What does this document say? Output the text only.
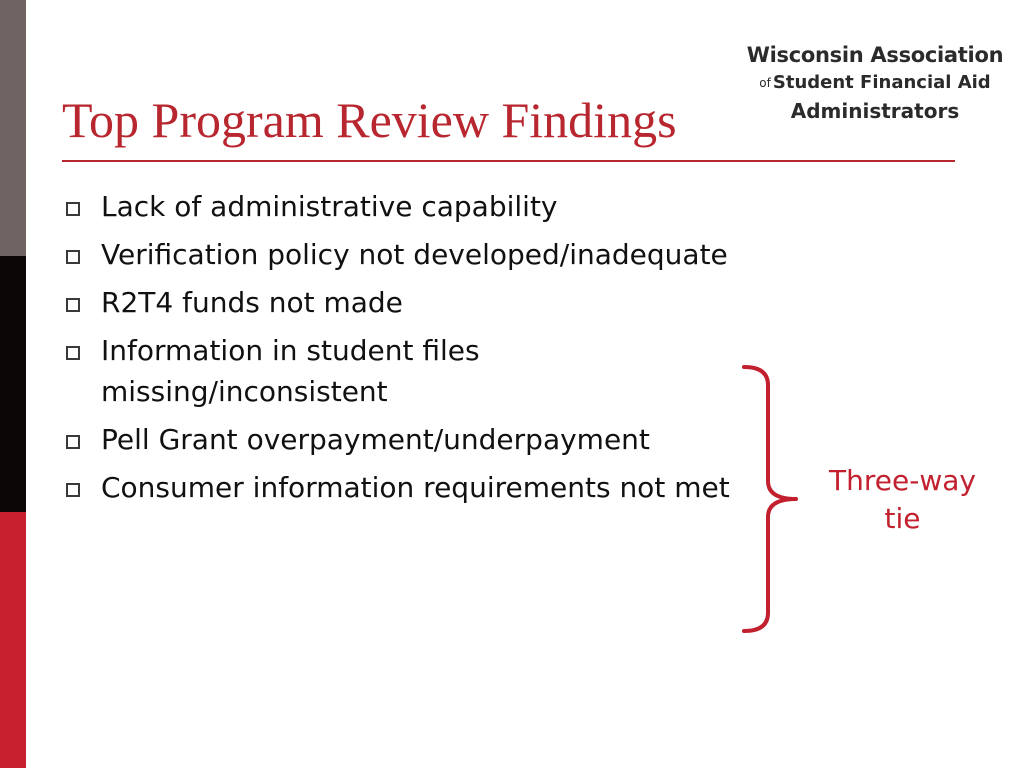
Top Program Review Findings
Wisconsin Association
$^{of}$ Student Financial Aid
Administrators
Lack of administrative capability
Verification policy not developed/inadequate
R2T4 funds not made
Information in student files missing/inconsistent
Pell Grant overpayment/underpayment
Consumer information requirements not met	Three-way
tie
